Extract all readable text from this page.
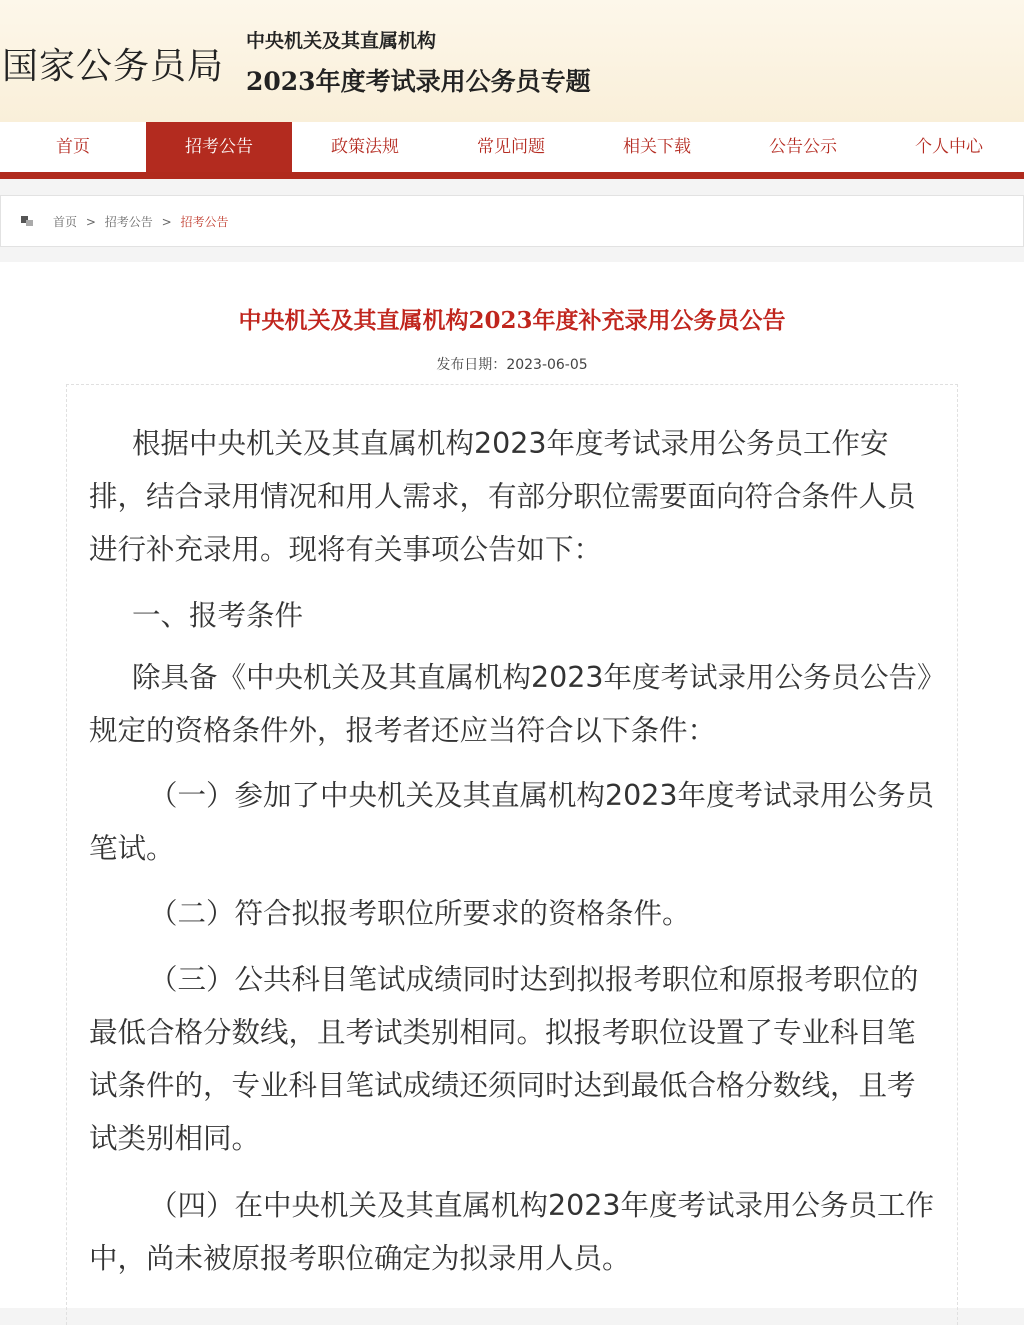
国家公务员局
中央机关及其直属机构
2023年度考试录用公务员专题
首页	招考公告	政策法规	常见问题	相关下载	公告公示	个人中心
首页 > 招考公告 > 招考公告
中央机关及其直属机构2023年度补充录用公务员公告
发布日期：2023-06-05

根据中央机关及其直属机构2023年度考试录用公务员工作安排，结合录用情况和用人需求，有部分职位需要面向符合条件人员进行补充录用。现将有关事项公告如下：

一、报考条件

除具备《中央机关及其直属机构2023年度考试录用公务员公告》规定的资格条件外，报考者还应当符合以下条件：

（一）参加了中央机关及其直属机构2023年度考试录用公务员笔试。

（二）符合拟报考职位所要求的资格条件。

（三）公共科目笔试成绩同时达到拟报考职位和原报考职位的最低合格分数线，且考试类别相同。拟报考职位设置了专业科目笔试条件的，专业科目笔试成绩还须同时达到最低合格分数线，且考试类别相同。

（四）在中央机关及其直属机构2023年度考试录用公务员工作中，尚未被原报考职位确定为拟录用人员。
